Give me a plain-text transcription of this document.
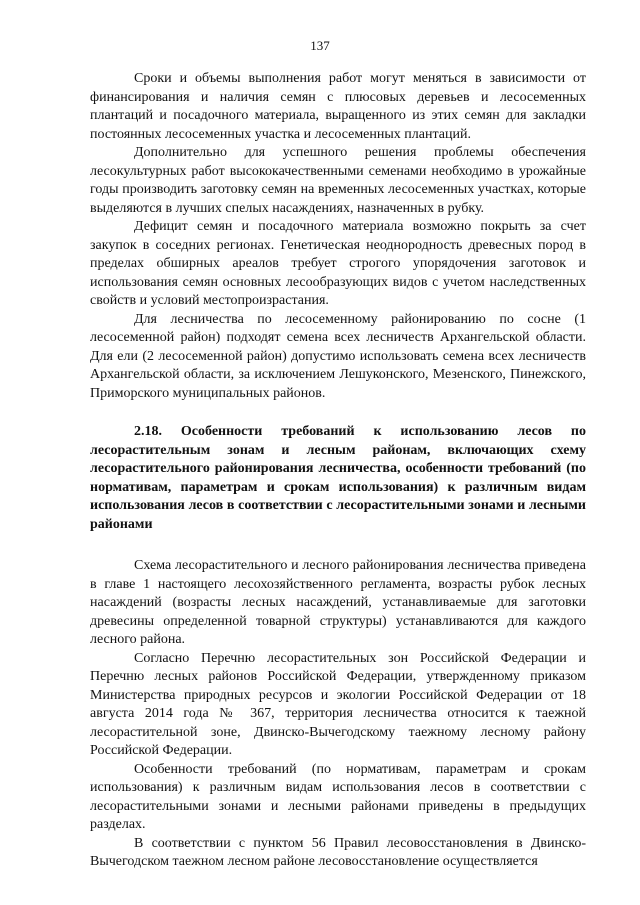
137

Сроки и объемы выполнения работ могут меняться в зависимости от финансирования и наличия семян с плюсовых деревьев и лесосеменных плантаций и посадочного материала, выращенного из этих семян для закладки постоянных лесосеменных участка и лесосеменных плантаций.

Дополнительно для успешного решения проблемы обеспечения лесокультурных работ высококачественными семенами необходимо в урожайные годы производить заготовку семян на временных лесосеменных участках, которые выделяются в лучших спелых насаждениях, назначенных в рубку.

Дефицит семян и посадочного материала возможно покрыть за счет закупок в соседних регионах. Генетическая неоднородность древесных пород в пределах обширных ареалов требует строгого упорядочения заготовок и использования семян основных лесообразующих видов с учетом наследственных свойств и условий местопроизрастания.

Для лесничества по лесосеменному районированию по сосне (1 лесосеменной район) подходят семена всех лесничеств Архангельской области. Для ели (2 лесосеменной район) допустимо использовать семена всех лесничеств Архангельской области, за исключением Лешуконского, Мезенского, Пинежского, Приморского муниципальных районов.

2.18. Особенности требований к использованию лесов по лесорастительным зонам и лесным районам, включающих схему лесорастительного районирования лесничества, особенности требований (по нормативам, параметрам и срокам использования) к различным видам использования лесов в соответствии с лесорастительными зонами и лесными районами

Схема лесорастительного и лесного районирования лесничества приведена в главе 1 настоящего лесохозяйственного регламента, возрасты рубок лесных насаждений (возрасты лесных насаждений, устанавливаемые для заготовки древесины определенной товарной структуры) устанавливаются для каждого лесного района.

Согласно Перечню лесорастительных зон Российской Федерации и Перечню лесных районов Российской Федерации, утвержденному приказом Министерства природных ресурсов и экологии Российской Федерации от 18 августа 2014 года № 367, территория лесничества относится к таежной лесорастительной зоне, Двинско-Вычегодскому таежному лесному району Российской Федерации.

Особенности требований (по нормативам, параметрам и срокам использования) к различным видам использования лесов в соответствии с лесорастительными зонами и лесными районами приведены в предыдущих разделах.

В соответствии с пунктом 56 Правил лесовосстановления в Двинско-Вычегодском таежном леcном районе лесовосстановление осуществляется
